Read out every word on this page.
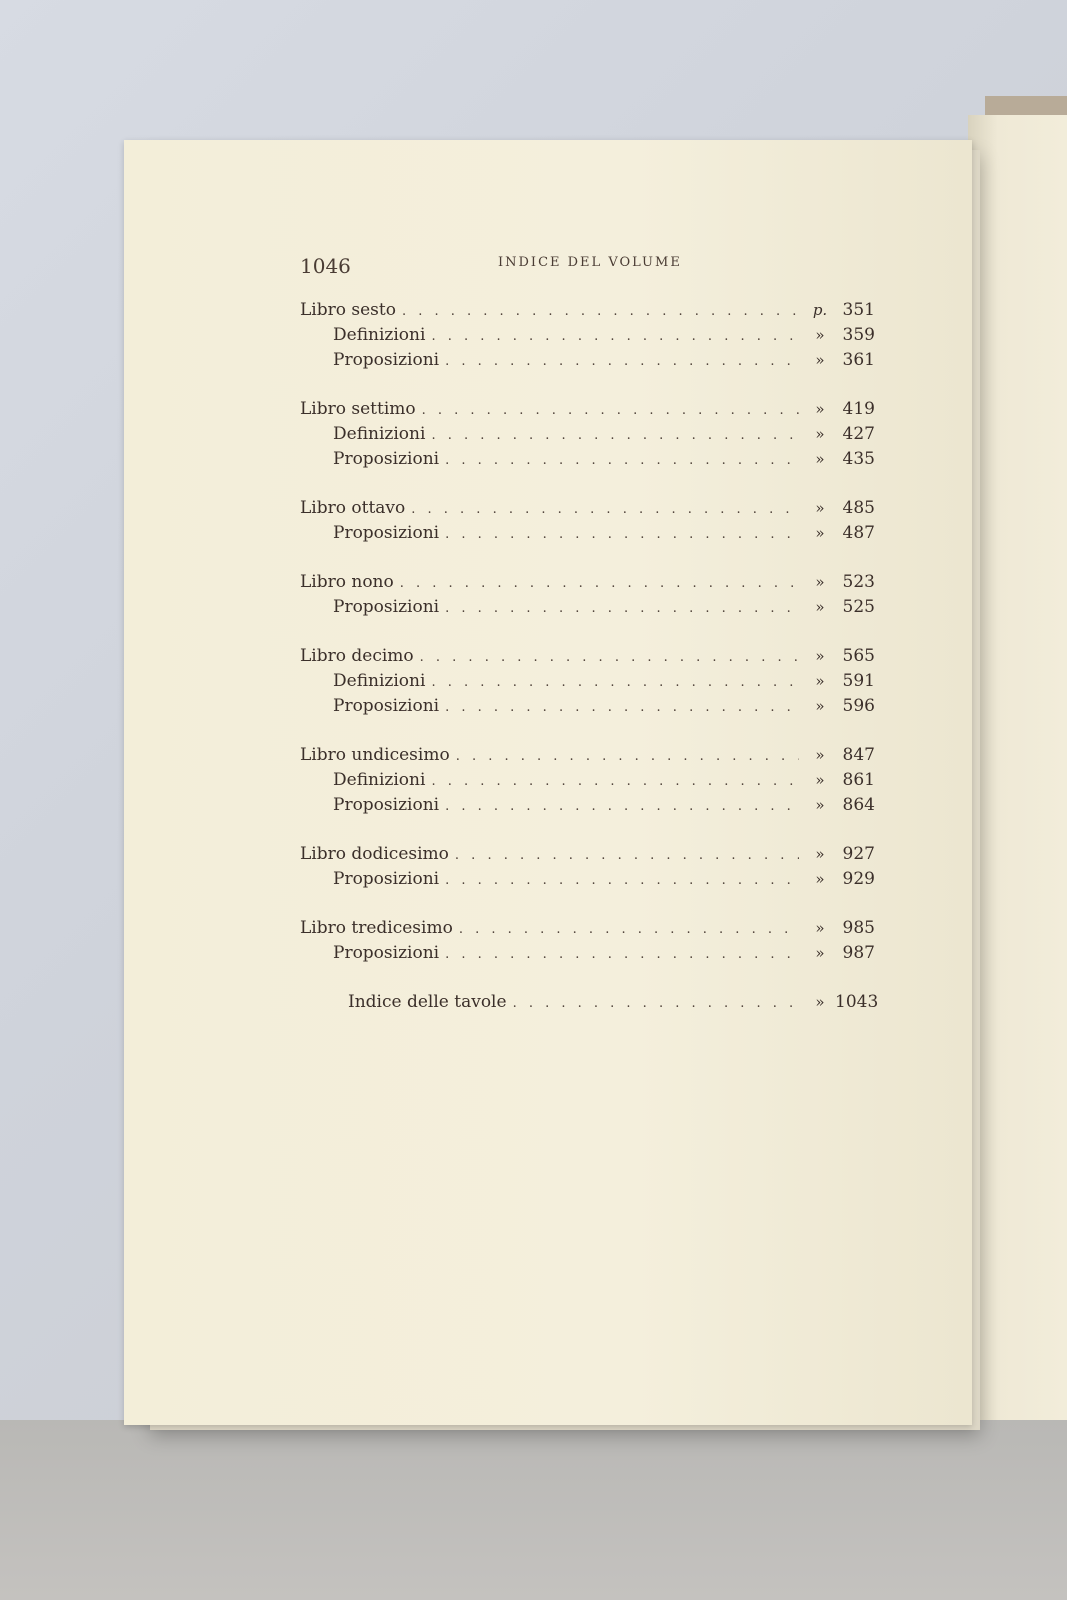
1046	INDICE DEL VOLUME
Libro sesto . . .	p. 351
Definizioni . . .	»	359
Proposizioni . . .	»	361
Libro settimo . . .	»	419
Definizioni . . .	»	427
Proposizioni . . .	»	435
Libro ottavo . . .	»	485
Proposizioni . . .	»	487
Libro nono . . .	»	523
Proposizioni . . .	»	525
Libro decimo . . .	»	565
Definizioni . . .	»	591
Proposizioni . . .	»	596
Libro undicesimo . . .	»	847
Definizioni . . .	»	861
Proposizioni . . .	»	864
Libro dodicesimo . . .	»	927
Proposizioni . . .	»	929
Libro tredicesimo . . .	»	985
Proposizioni . . .	»	987
Indice delle tavole . . .	» 1043
